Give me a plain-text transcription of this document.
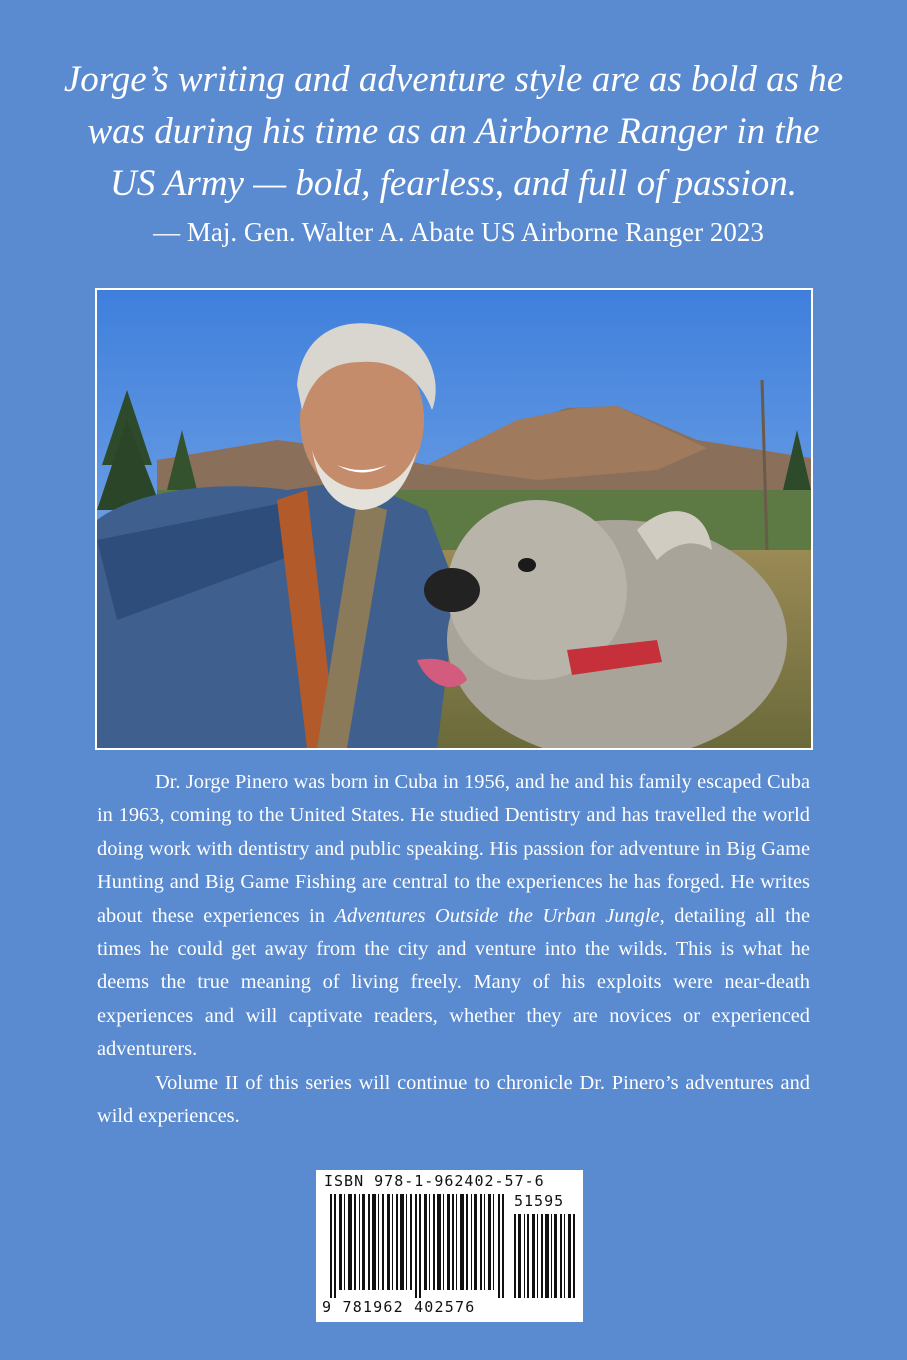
Jorge’s writing and adventure style are as bold as he
was during his time as an Airborne Ranger in the
US Army — bold, fearless, and full of passion.

— Maj. Gen. Walter A. Abate US Airborne Ranger 2023

Dr. Jorge Pinero was born in Cuba in 1956, and he and his family escaped Cuba in 1963, coming to the United States. He studied Dentistry and has travelled the world doing work with dentistry and public speaking. His passion for adventure in Big Game Hunting and Big Game Fishing are central to the experiences he has forged. He writes about these experiences in Adventures Outside the Urban Jungle, detailing all the times he could get away from the city and venture into the wilds. This is what he deems the true meaning of living freely. Many of his exploits were near-death experiences and will captivate readers, whether they are novices or experienced adventurers.

Volume II of this series will continue to chronicle Dr. Pinero’s adventures and wild experiences.

ISBN 978-1-962402-57-6
51595
9 781962 402576
